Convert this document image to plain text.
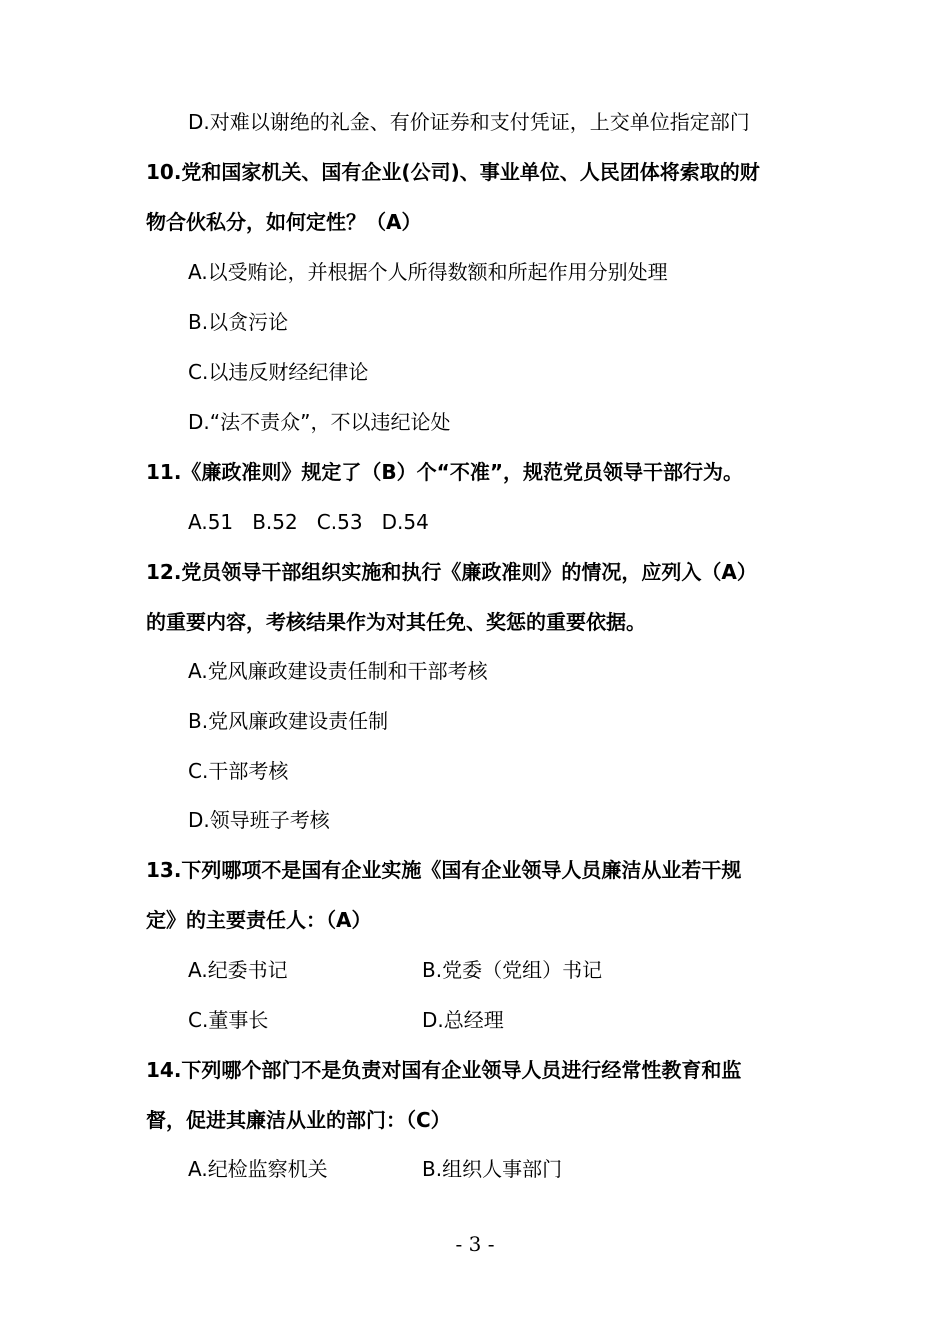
D.对难以谢绝的礼金、有价证券和支付凭证，上交单位指定部门
10.党和国家机关、国有企业(公司)、事业单位、人民团体将索取的财
物合伙私分，如何定性？（A）
A.以受贿论，并根据个人所得数额和所起作用分别处理
B.以贪污论
C.以违反财经纪律论
D.“法不责众”，不以违纪论处
11.《廉政准则》规定了（B）个“不准”，规范党员领导干部行为。
A.51   B.52   C.53   D.54
12.党员领导干部组织实施和执行《廉政准则》的情况，应列入（A）
的重要内容，考核结果作为对其任免、奖惩的重要依据。
A.党风廉政建设责任制和干部考核
B.党风廉政建设责任制
C.干部考核
D.领导班子考核
13.下列哪项不是国有企业实施《国有企业领导人员廉洁从业若干规
定》的主要责任人：（A）
A.纪委书记	B.党委（党组）书记
C.董事长	D.总经理
14.下列哪个部门不是负责对国有企业领导人员进行经常性教育和监
督，促进其廉洁从业的部门：（C）
A.纪检监察机关	B.组织人事部门
- 3 -
